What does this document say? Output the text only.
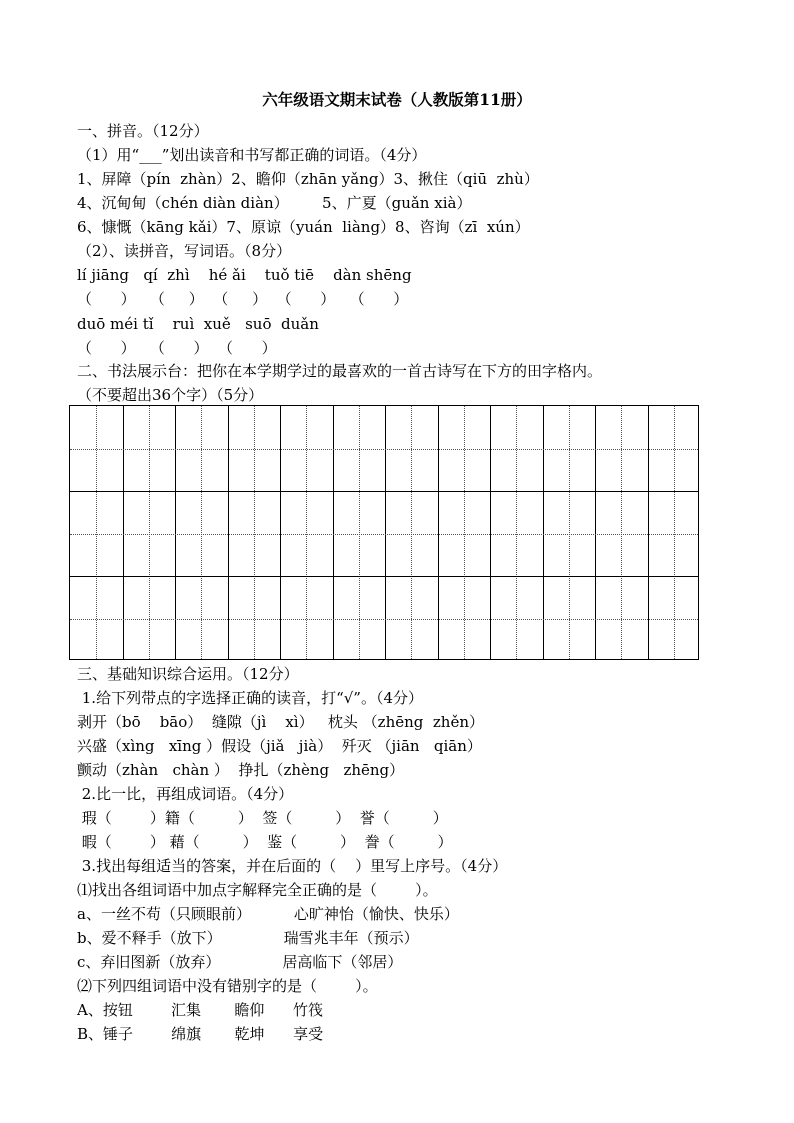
六年级语文期末试卷（人教版第11册）
一、拼音。（12分）
（1）用“___”划出读音和书写都正确的词语。（4分）
1、屏障（pín  zhàn）2、瞻仰（zhān yǎng）3、揪住（qiū  zhù）
4、沉甸甸（chén diàn diàn）       5、广夏（guǎn xià）
6、慷慨（kāng kǎi）7、原谅（yuán  liàng）8、咨询（zī  xún）
（2）、读拼音，写词语。（8分）
lí jiāng   qí  zhì    hé ǎi    tuǒ tiē    dàn shēng
（      ）   （     ）  （     ）  （      ）   （      ）
duō méi tǐ    ruì  xuě   suō  duǎn
（      ）   （      ）  （      ）
二、书法展示台：把你在本学期学过的最喜欢的一首古诗写在下方的田字格内。
（不要超出36个字）（5分）
三、基础知识综合运用。（12分）
1.给下列带点的字选择正确的读音，打“√”。（4分）
剥开（bō    bāo）  缝隙（jì    xì）   枕头 （zhēng  zhěn）
兴盛（xìng   xīng ）假设（jiǎ   jià）  歼灭 （jiān   qiān）
颤动（zhàn   chàn ）  挣扎（zhèng   zhēng）
2.比一比，再组成词语。（4分）
瑕（        ）籍（         ）  签（         ）  誉（         ）
暇（        ） 藉（         ）  鉴（         ）  誊（         ）
3.找出每组适当的答案，并在后面的（    ）里写上序号。（4分）
⑴找出各组词语中加点字解释完全正确的是（        ）。
a、一丝不苟（只顾眼前）         心旷神怡（愉快、快乐）
b、爱不释手（放下）             瑞雪兆丰年（预示）
c、弃旧图新（放弃）             居高临下（邻居）
⑵下列四组词语中没有错别字的是（        ）。
A、按钮        汇集       瞻仰      竹筏
B、锤子        绵旗       乾坤      享受
